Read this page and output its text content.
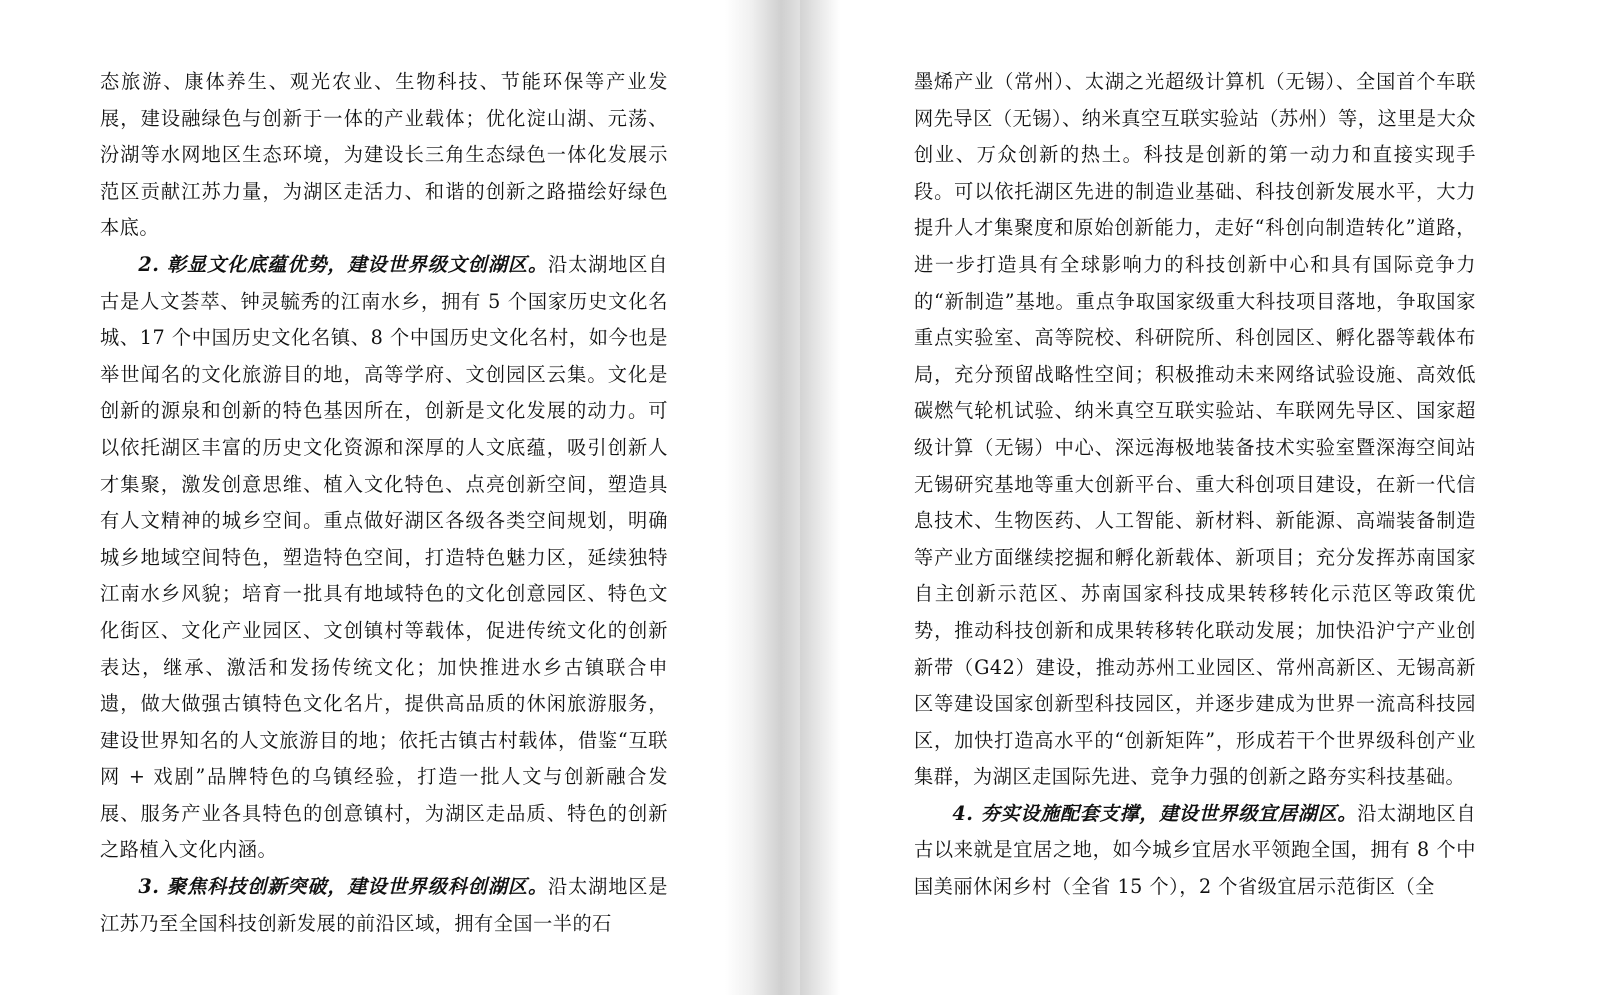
态旅游、康体养生、观光农业、生物科技、节能环保等产业发展，建设融绿色与创新于一体的产业载体；优化淀山湖、元荡、汾湖等水网地区生态环境，为建设长三角生态绿色一体化发展示范区贡献江苏力量，为湖区走活力、和谐的创新之路描绘好绿色本底。

2. 彰显文化底蕴优势，建设世界级文创湖区。沿太湖地区自古是人文荟萃、钟灵毓秀的江南水乡，拥有 5 个国家历史文化名城、17 个中国历史文化名镇、8 个中国历史文化名村，如今也是举世闻名的文化旅游目的地，高等学府、文创园区云集。文化是创新的源泉和创新的特色基因所在，创新是文化发展的动力。可以依托湖区丰富的历史文化资源和深厚的人文底蕴，吸引创新人才集聚，激发创意思维、植入文化特色、点亮创新空间，塑造具有人文精神的城乡空间。重点做好湖区各级各类空间规划，明确城乡地域空间特色，塑造特色空间，打造特色魅力区，延续独特江南水乡风貌；培育一批具有地域特色的文化创意园区、特色文化街区、文化产业园区、文创镇村等载体，促进传统文化的创新表达，继承、激活和发扬传统文化；加快推进水乡古镇联合申遗，做大做强古镇特色文化名片，提供高品质的休闲旅游服务，建设世界知名的人文旅游目的地；依托古镇古村载体，借鉴“互联网 + 戏剧”品牌特色的乌镇经验，打造一批人文与创新融合发展、服务产业各具特色的创意镇村，为湖区走品质、特色的创新之路植入文化内涵。

3. 聚焦科技创新突破，建设世界级科创湖区。沿太湖地区是江苏乃至全国科技创新发展的前沿区域，拥有全国一半的石

墨烯产业（常州）、太湖之光超级计算机（无锡）、全国首个车联网先导区（无锡）、纳米真空互联实验站（苏州）等，这里是大众创业、万众创新的热土。科技是创新的第一动力和直接实现手段。可以依托湖区先进的制造业基础、科技创新发展水平，大力提升人才集聚度和原始创新能力，走好“科创向制造转化”道路，进一步打造具有全球影响力的科技创新中心和具有国际竞争力的“新制造”基地。重点争取国家级重大科技项目落地，争取国家重点实验室、高等院校、科研院所、科创园区、孵化器等载体布局，充分预留战略性空间；积极推动未来网络试验设施、高效低碳燃气轮机试验、纳米真空互联实验站、车联网先导区、国家超级计算（无锡）中心、深远海极地装备技术实验室暨深海空间站无锡研究基地等重大创新平台、重大科创项目建设，在新一代信息技术、生物医药、人工智能、新材料、新能源、高端装备制造等产业方面继续挖掘和孵化新载体、新项目；充分发挥苏南国家自主创新示范区、苏南国家科技成果转移转化示范区等政策优势，推动科技创新和成果转移转化联动发展；加快沿沪宁产业创新带（G42）建设，推动苏州工业园区、常州高新区、无锡高新区等建设国家创新型科技园区，并逐步建成为世界一流高科技园区，加快打造高水平的“创新矩阵”，形成若干个世界级科创产业集群，为湖区走国际先进、竞争力强的创新之路夯实科技基础。

4. 夯实设施配套支撑，建设世界级宜居湖区。沿太湖地区自古以来就是宜居之地，如今城乡宜居水平领跑全国，拥有 8 个中国美丽休闲乡村（全省 15 个），2 个省级宜居示范街区（全
